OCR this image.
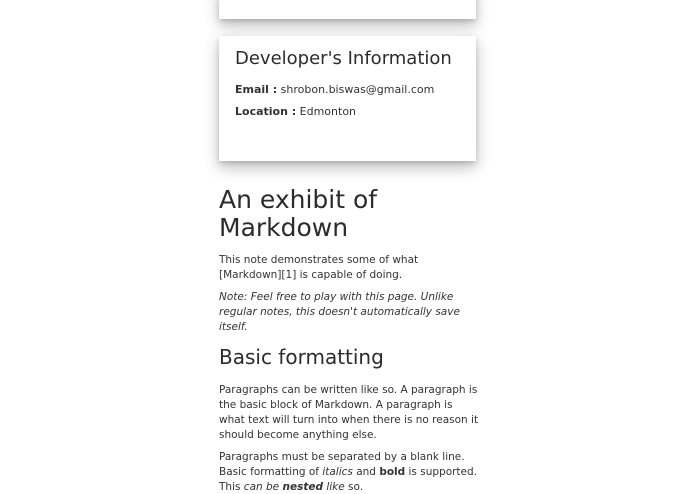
Developer's Information
Email : shrobon.biswas@gmail.com
Location : Edmonton
An exhibit of Markdown

This note demonstrates some of what [Markdown][1] is capable of doing.

Note: Feel free to play with this page. Unlike regular notes, this doesn't automatically save itself.

Basic formatting

Paragraphs can be written like so. A paragraph is the basic block of Markdown. A paragraph is what text will turn into when there is no reason it should become anything else.

Paragraphs must be separated by a blank line. Basic formatting of italics and bold is supported. This can be nested like so.
